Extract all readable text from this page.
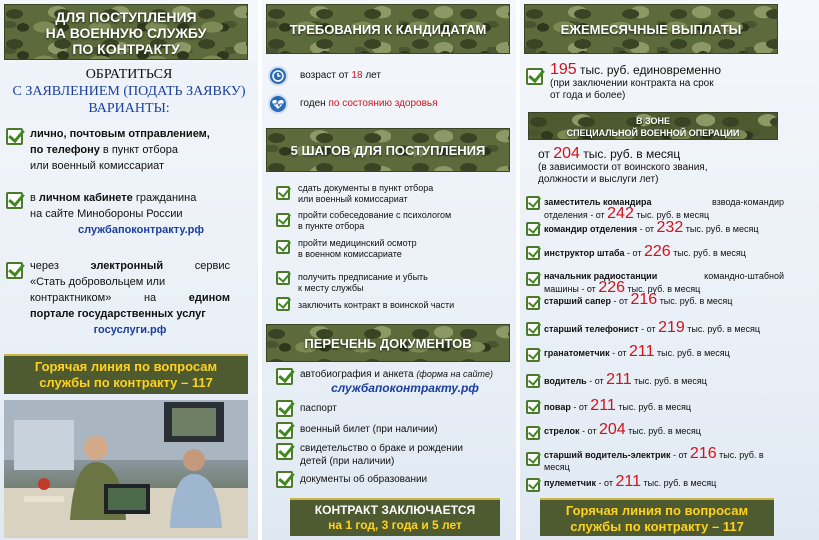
ДЛЯ ПОСТУПЛЕНИЯ
НА ВОЕННУЮ СЛУЖБУ
ПО КОНТРАКТУ
ОБРАТИТЬСЯ
С ЗАЯВЛЕНИЕМ (ПОДАТЬ ЗАЯВКУ)
ВАРИАНТЫ:
лично, почтовым отправлением,
по телефону в пункт отбора
или военный комиссариат
в личном кабинете гражданина
на сайте Минобороны России
службапоконтракту.рф
через	электронный	сервис
«Стать добровольцем или
контрактником»	на	едином
портале государственных услуг
госуслуги.рф
Горячая линия по вопросам
службы по контракту – 117
ТРЕБОВАНИЯ К КАНДИДАТАМ
возраст от 18 лет
годен по состоянию здоровья
5 ШАГОВ ДЛЯ ПОСТУПЛЕНИЯ
сдать документы в пункт отбора
или военный комиссариат
пройти собеседование с психологом
в пункте отбора
пройти медицинский осмотр
в военном комиссариате
получить предписание и убыть
к месту службы
заключить контракт в воинской части
ПЕРЕЧЕНЬ ДОКУМЕНТОВ
автобиография и анкета (форма на сайте)
службапоконтракту.рф
паспорт
военный билет (при наличии)
свидетельство о браке и рождении
детей (при наличии)
документы об образовании
КОНТРАКТ ЗАКЛЮЧАЕТСЯ
на 1 год, 3 года и 5 лет
ЕЖЕМЕСЯЧНЫЕ ВЫПЛАТЫ
195 тыс. руб. единовременно
(при заключении контракта на срок
от года и более)
В ЗОНЕ
СПЕЦИАЛЬНОЙ ВОЕННОЙ ОПЕРАЦИИ
от 204 тыс. руб. в месяц
(в зависимости от воинского звания,
должности и выслуги лет)
заместитель командира	взвода-командир
отделения - от 242 тыс. руб. в месяц
командир отделения - от 232 тыс. руб. в месяц
инструктор штаба - от 226 тыс. руб. в месяц
начальник радиостанции	командно-штабной
машины - от 226 тыс. руб. в месяц
старший сапер - от 216 тыс. руб. в месяц
старший телефонист - от 219 тыс. руб. в месяц
гранатометчик - от 211 тыс. руб. в месяц
водитель - от 211 тыс. руб. в месяц
повар - от 211 тыс. руб. в месяц
стрелок - от 204 тыс. руб. в месяц
старший водитель-электрик - от 216 тыс. руб. в
месяц
пулеметчик - от 211 тыс. руб. в месяц
Горячая линия по вопросам
службы по контракту – 117
